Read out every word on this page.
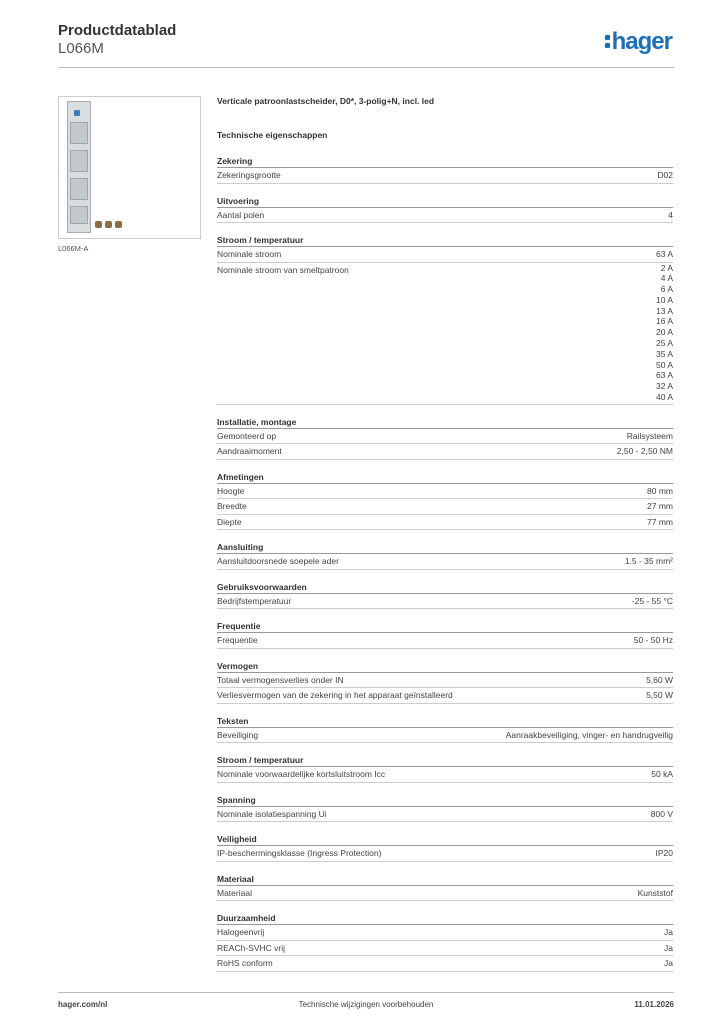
Productdatablad
L066M	hager
L066M-A
Verticale patroonlastscheider, D0*, 3-polig+N, incl. led
Technische eigenschappen
Zekering
Zekeringsgrootte	D02
Uitvoering
Aantal polen	4
Stroom / temperatuur
Nominale stroom	63 A
Nominale stroom van smeltpatroon	2 A
4 A
6 A
10 A
13 A
16 A
20 A
25 A
35 A
50 A
63 A
32 A
40 A
Installatie, montage
Gemonteerd op	Railsysteem
Aandraaimoment	2,50 - 2,50 NM
Afmetingen
Hoogte	80 mm
Breedte	27 mm
Diepte	77 mm
Aansluiting
Aansluitdoorsnede soepele ader	1.5 - 35 mm²
Gebruiksvoorwaarden
Bedrijfstemperatuur	-25 - 55 °C
Frequentie
Frequentie	50 - 50 Hz
Vermogen
Totaal vermogensverlies onder IN	5,60 W
Verliesvermogen van de zekering in het apparaat geïnstalleerd	5,50 W
Teksten
Beveiliging	Aanraakbeveiliging, vinger- en handrugveilig
Stroom / temperatuur
Nominale voorwaardelijke kortsluitstroom Icc	50 kA
Spanning
Nominale isolatiespanning Ui	800 V
Veiligheid
IP-beschermingsklasse (Ingress Protection)	IP20
Materiaal
Materiaal	Kunststof
Duurzaamheid
Halogeenvrij	Ja
REACh-SVHC vrij	Ja
RoHS conform	Ja
hager.com/nl	Technische wijzigingen voorbehouden	11.01.2026
